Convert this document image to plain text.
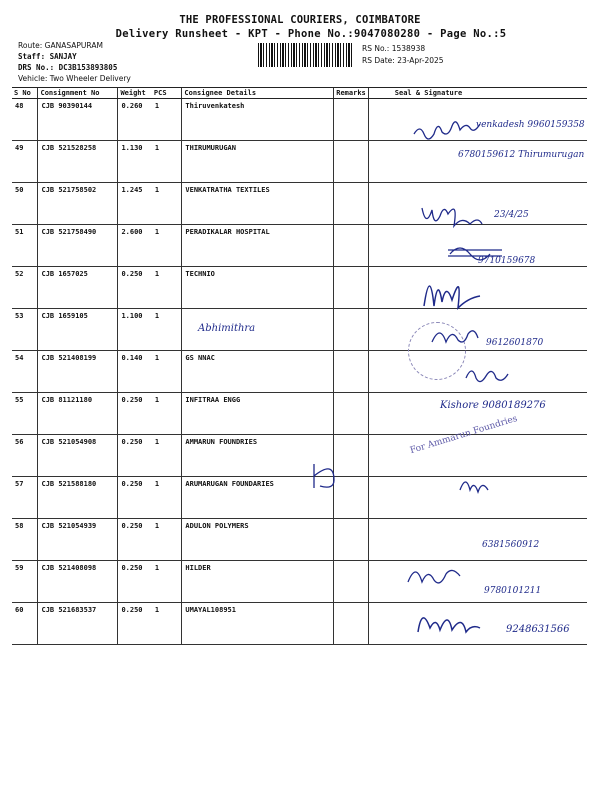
THE PROFESSIONAL COURIERS, COIMBATORE
Delivery Runsheet - KPT - Phone No.:9047080280 - Page No.:5
Route: GANASAPURAM
Staff: SANJAY
DRS No.: DC3B153893805
Vehicle: Two Wheeler Delivery
RS No.: 1538938
RS Date: 23-Apr-2025
S No	Consignment No	Weight	PCS	Consignee Details	Remarks	Seal & Signature
48	CJB 90390144	0.260	1	Thiruvenkatesh		
49	CJB 521528258	1.130	1	THIRUMURUGAN		
50	CJB 521758502	1.245	1	VENKATRATHA TEXTILES		
51	CJB 521758490	2.600	1	PERADIKALAR HOSPITAL		
52	CJB 1657025	0.250	1	TECHNIO		
53	CJB 1659105	1.100	1			
54	CJB 521408199	0.140	1	GS NNAC		
55	CJB 81121180	0.250	1	INFITRAA ENGG		
56	CJB 521054908	0.250	1	AMMARUN FOUNDRIES		
57	CJB 521588180	0.250	1	ARUMARUGAN FOUNDARIES		
58	CJB 521054939	0.250	1	ADULON POLYMERS		
59	CJB 521408098	0.250	1	HILDER		
60	CJB 521683537	0.250	1	UMAYAL108951		
Abhimithra
venkadesh 9960159358
6780159612 Thirumurugan
23/4/25
9710159678
9612601870
Kishore 9080189276
For Ammarun Foundries
6381560912
9780101211
9248631566
